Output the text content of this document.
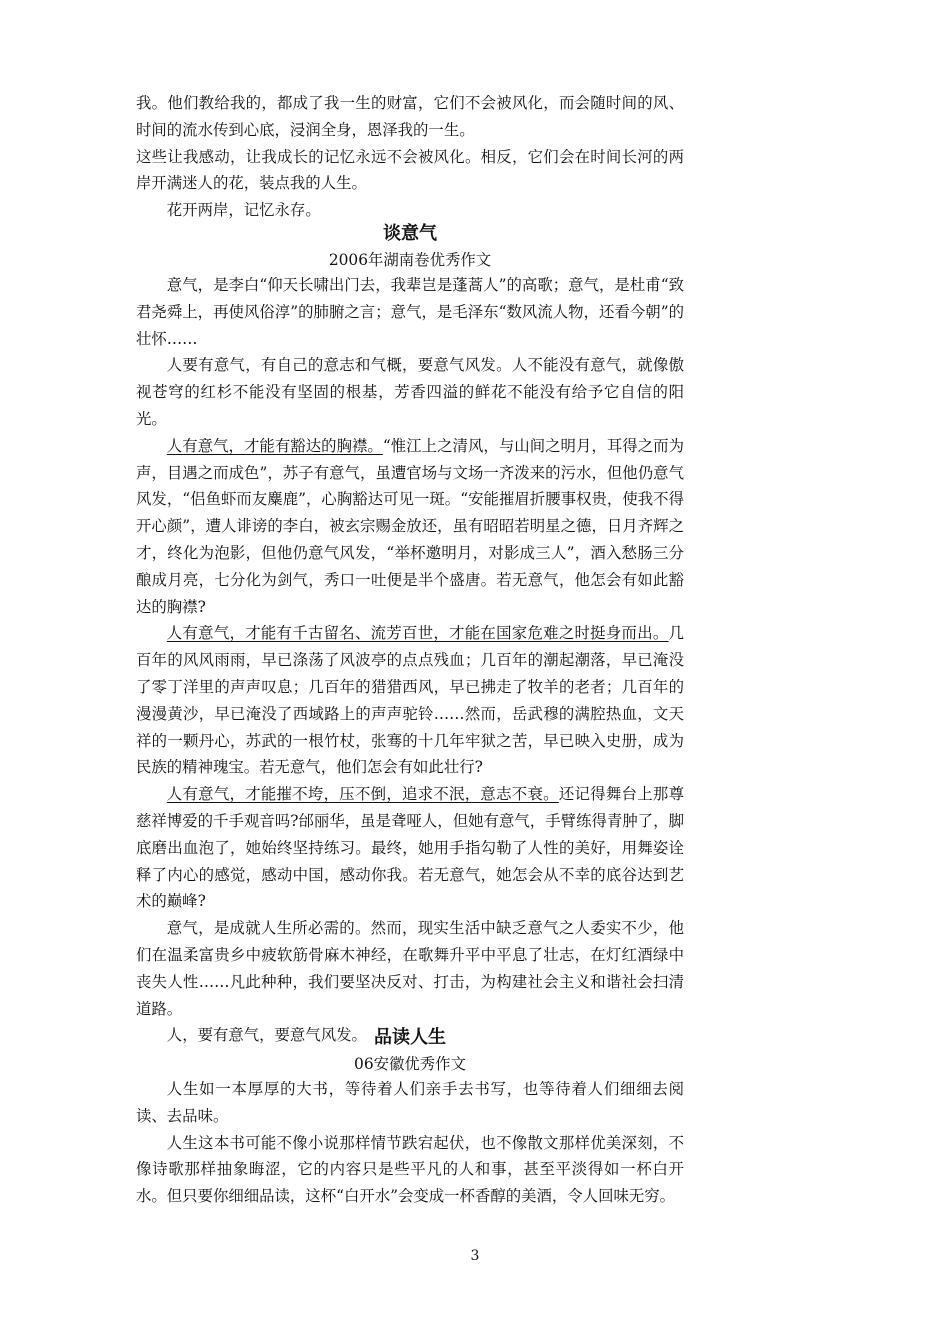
我。他们教给我的，都成了我一生的财富，它们不会被风化，而会随时间的风、时间的流水传到心底，浸润全身，恩泽我的一生。

这些让我感动，让我成长的记忆永远不会被风化。相反，它们会在时间长河的两岸开满迷人的花，装点我的人生。

花开两岸，记忆永存。

谈意气
2006年湖南卷优秀作文

意气，是李白“仰天长啸出门去，我辈岂是蓬蒿人”的高歌；意气，是杜甫“致君尧舜上，再使风俗淳”的肺腑之言；意气，是毛泽东“数风流人物，还看今朝”的壮怀……

人要有意气，有自己的意志和气概，要意气风发。人不能没有意气，就像傲视苍穹的红杉不能没有坚固的根基，芳香四溢的鲜花不能没有给予它自信的阳光。

人有意气，才能有豁达的胸襟。“惟江上之清风，与山间之明月，耳得之而为声，目遇之而成色”，苏子有意气，虽遭官场与文场一齐泼来的污水，但他仍意气风发，“侣鱼虾而友麋鹿”，心胸豁达可见一斑。“安能摧眉折腰事权贵，使我不得开心颜”，遭人诽谤的李白，被玄宗赐金放还，虽有昭昭若明星之德，日月齐辉之才，终化为泡影，但他仍意气风发，“举杯邀明月，对影成三人”，酒入愁肠三分酿成月亮，七分化为剑气，秀口一吐便是半个盛唐。若无意气，他怎会有如此豁达的胸襟?

人有意气，才能有千古留名、流芳百世，才能在国家危难之时挺身而出。几百年的风风雨雨，早已涤荡了风波亭的点点残血；几百年的潮起潮落，早已淹没了零丁洋里的声声叹息；几百年的猎猎西风，早已拂走了牧羊的老者；几百年的漫漫黄沙，早已淹没了西域路上的声声驼铃……然而，岳武穆的满腔热血，文天祥的一颗丹心，苏武的一根竹杖，张骞的十几年牢狱之苦，早已映入史册，成为民族的精神瑰宝。若无意气，他们怎会有如此壮行?

人有意气，才能摧不垮，压不倒，追求不泯，意志不衰。还记得舞台上那尊慈祥博爱的千手观音吗?邰丽华，虽是聋哑人，但她有意气，手臂练得青肿了，脚底磨出血泡了，她始终坚持练习。最终，她用手指勾勒了人性的美好，用舞姿诠释了内心的感觉，感动中国，感动你我。若无意气，她怎会从不幸的底谷达到艺术的巅峰?

意气，是成就人生所必需的。然而，现实生活中缺乏意气之人委实不少，他们在温柔富贵乡中疲软筋骨麻木神经，在歌舞升平中平息了壮志，在灯红酒绿中丧失人性……凡此种种，我们要坚决反对、打击，为构建社会主义和谐社会扫清道路。

人，要有意气，要意气风发。 品读人生
06安徽优秀作文

人生如一本厚厚的大书，等待着人们亲手去书写，也等待着人们细细去阅读、去品味。

人生这本书可能不像小说那样情节跌宕起伏，也不像散文那样优美深刻，不像诗歌那样抽象晦涩，它的内容只是些平凡的人和事，甚至平淡得如一杯白开水。但只要你细细品读，这杯“白开水”会变成一杯香醇的美酒，令人回味无穷。

3
